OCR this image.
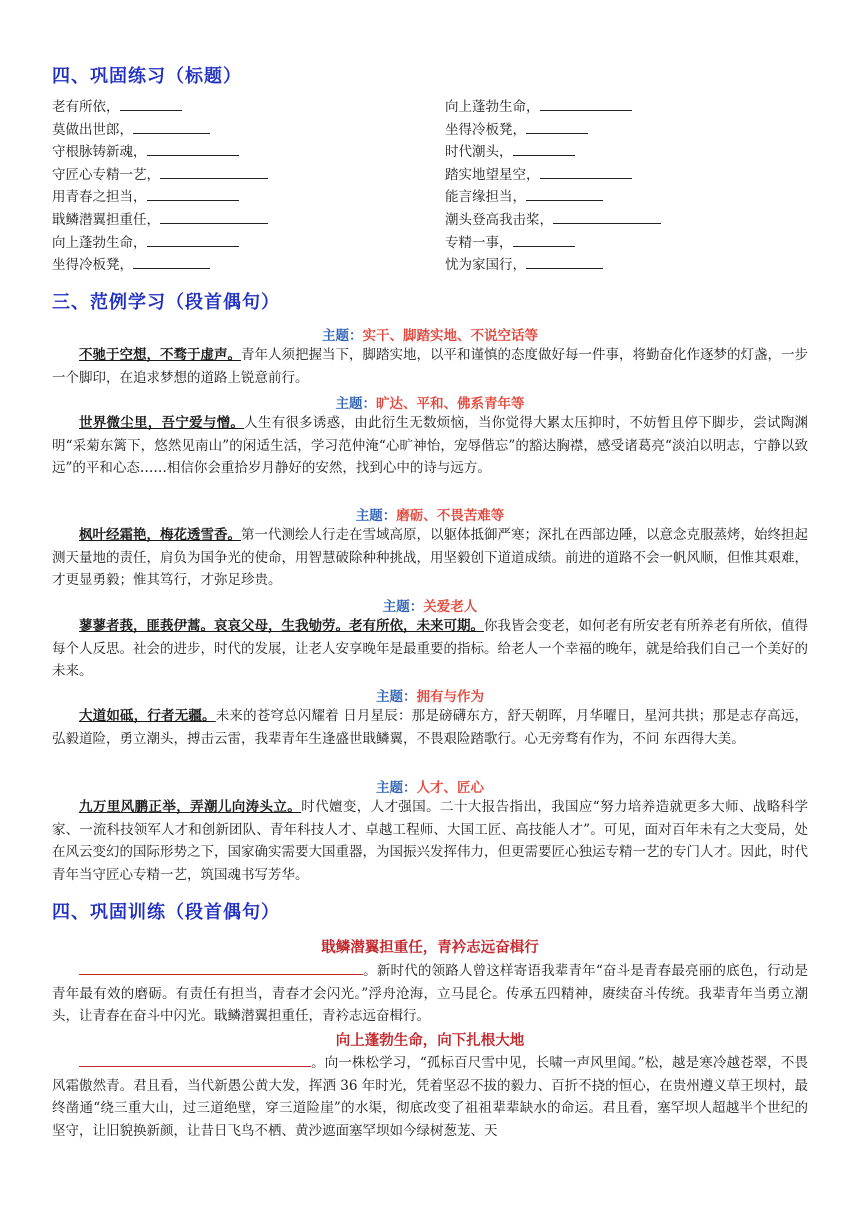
四、巩固练习（标题）
老有所依，	向上蓬勃生命，
莫做出世郎，	坐得冷板凳，
守根脉铸新魂，	时代潮头，
守匠心专精一艺，	踏实地望星空，
用青春之担当，	能言缘担当，
戢鳞潜翼担重任，	潮头登高我击桨，
向上蓬勃生命，	专精一事，
坐得冷板凳，	忧为家国行，
三、范例学习（段首偶句）
主题：实干、脚踏实地、不说空话等

不驰于空想，不骛于虚声。青年人须把握当下，脚踏实地，以平和谨慎的态度做好每一件事，将勤奋化作逐梦的灯盏，一步一个脚印，在追求梦想的道路上锐意前行。

主题：旷达、平和、佛系青年等

世界微尘里，吾宁爱与憎。人生有很多诱惑，由此衍生无数烦恼，当你觉得大累太压抑时，不妨暂且停下脚步，尝试陶渊明“采菊东篱下，悠然见南山”的闲适生活，学习范仲淹“心旷神怡，宠辱偕忘”的豁达胸襟，感受诸葛亮“淡泊以明志，宁静以致远”的平和心态……相信你会重拾岁月静好的安然，找到心中的诗与远方。

主题：磨砺、不畏苦难等

枫叶经霜艳，梅花透雪香。第一代测绘人行走在雪域高原，以躯体抵御严寒；深扎在西部边陲，以意念克服蒸烤，始终担起测天量地的责任，肩负为国争光的使命，用智慧破除种种挑战，用坚毅创下道道成绩。前进的道路不会一帆风顺，但惟其艰难，才更显勇毅；惟其笃行，才弥足珍贵。

主题：关爱老人

蓼蓼者莪，匪莪伊蒿。哀哀父母，生我劬劳。老有所依，未来可期。你我皆会变老，如何老有所安老有所养老有所依，值得每个人反思。社会的进步，时代的发展，让老人安享晚年是最重要的指标。给老人一个幸福的晚年，就是给我们自己一个美好的未来。

主题：拥有与作为

大道如砥，行者无疆。未来的苍穹总闪耀着 日月星辰：那是磅礴东方，舒天朝晖，月华曜日，星河共拱；那是志存高远，弘毅道险，勇立潮头，搏击云雷，我辈青年生逢盛世戢鳞翼，不畏艰险踏歌行。心无旁骛有作为，不问 东西得大美。

主题：人才、匠心

九万里风鹏正举，弄潮儿向涛头立。时代嬗变，人才强国。二十大报告指出，我国应“努力培养造就更多大师、战略科学家、一流科技领军人才和创新团队、青年科技人才、卓越工程师、大国工匠、高技能人才”。可见，面对百年未有之大变局，处在风云变幻的国际形势之下，国家确实需要大国重器，为国振兴发挥伟力，但更需要匠心独运专精一艺的专门人才。因此，时代青年当守匠心专精一艺，筑国魂书写芳华。

四、巩固训练（段首偶句）
戢鳞潜翼担重任，青衿志远奋楫行

。新时代的领路人曾这样寄语我辈青年“奋斗是青春最亮丽的底色，行动是青年最有效的磨砺。有责任有担当，青春才会闪光。”浮舟沧海，立马昆仑。传承五四精神，赓续奋斗传统。我辈青年当勇立潮头，让青春在奋斗中闪光。戢鳞潜翼担重任，青衿志远奋楫行。

向上蓬勃生命，向下扎根大地

。向一株松学习，“孤标百尺雪中见，长啸一声风里闻。”松，越是寒冷越苍翠，不畏风霜傲然青。君且看，当代新愚公黄大发，挥洒 36 年时光，凭着坚忍不拔的毅力、百折不挠的恒心，在贵州遵义草王坝村，最终凿通“绕三重大山，过三道绝壁，穿三道险崖”的水渠，彻底改变了祖祖辈辈缺水的命运。君且看，塞罕坝人超越半个世纪的坚守，让旧貌换新颜，让昔日飞鸟不栖、黄沙遮面塞罕坝如今绿树葱茏、天
